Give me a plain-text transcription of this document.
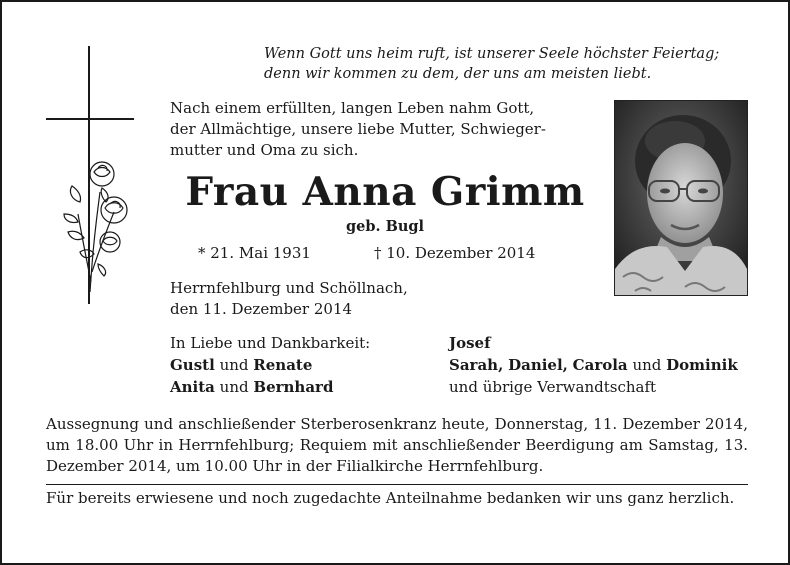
Wenn Gott uns heim ruft, ist unserer Seele höchster Feiertag;
denn wir kommen zu dem, der uns am meisten liebt.
Nach einem erfüllten, langen Leben nahm Gott,
der Allmächtige, unsere liebe Mutter, Schwieger-
mutter und Oma zu sich.
Frau Anna Grimm
geb. Bugl
* 21. Mai 1931	† 10. Dezember 2014
Herrnfehlburg und Schöllnach,
den 11. Dezember 2014
In Liebe und Dankbarkeit:
Gustl und Renate
Anita und Bernhard
Josef
Sarah, Daniel, Carola und Dominik
und übrige Verwandtschaft
Aussegnung und anschließender Sterberosenkranz heute, Donnerstag, 11. Dezember 2014, um 18.00 Uhr in Herrnfehlburg; Requiem mit anschließender Beerdigung am Samstag, 13. Dezember 2014, um 10.00 Uhr in der Filialkirche Herrnfehlburg.
Für bereits erwiesene und noch zugedachte Anteilnahme bedanken wir uns ganz herzlich.
